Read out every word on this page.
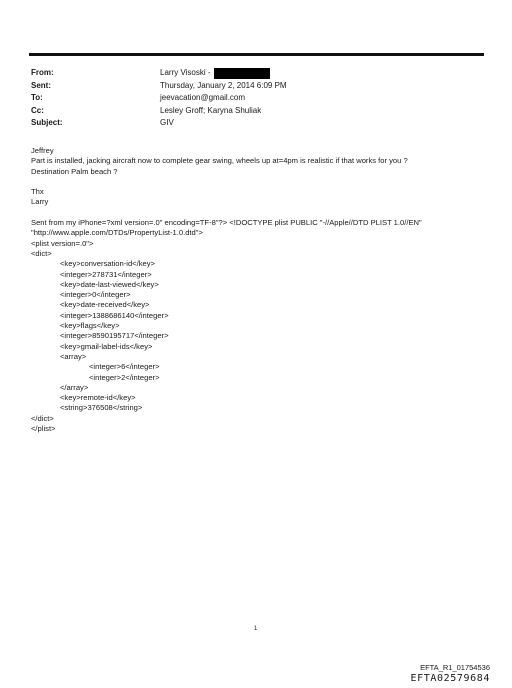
From:	Larry Visoski -
Sent:	Thursday, January 2, 2014 6:09 PM
To:	jeevacation@gmail.com
Cc:	Lesley Groff; Karyna Shuliak
Subject:	GIV

Jeffrey

Part is installed, jacking aircraft now to complete gear swing, wheels up at=4pm is realistic if that works for you ?

Destination Palm beach ?

Thx

Larry

Sent from my iPhone=?xml version=.0" encoding=TF-8"?> <!DOCTYPE plist PUBLIC "-//Apple//DTD PLIST 1.0//EN"

"http://www.apple.com/DTDs/PropertyList-1.0.dtd">

<plist version=.0">

<dict>

<key>conversation-id</key>

<integer>278731</integer>

<key>date-last-viewed</key>

<integer>0</integer>

<key>date-received</key>

<integer>1388686140</integer>

<key>flags</key>

<integer>8590195717</integer>

<key>gmail-label-ids</key>

<array>

<integer>6</integer>

<integer>2</integer>

</array>

<key>remote-id</key>

<string>376508</string>

</dict>

</plist>

1
EFTA_R1_01754536
EFTA02579684
